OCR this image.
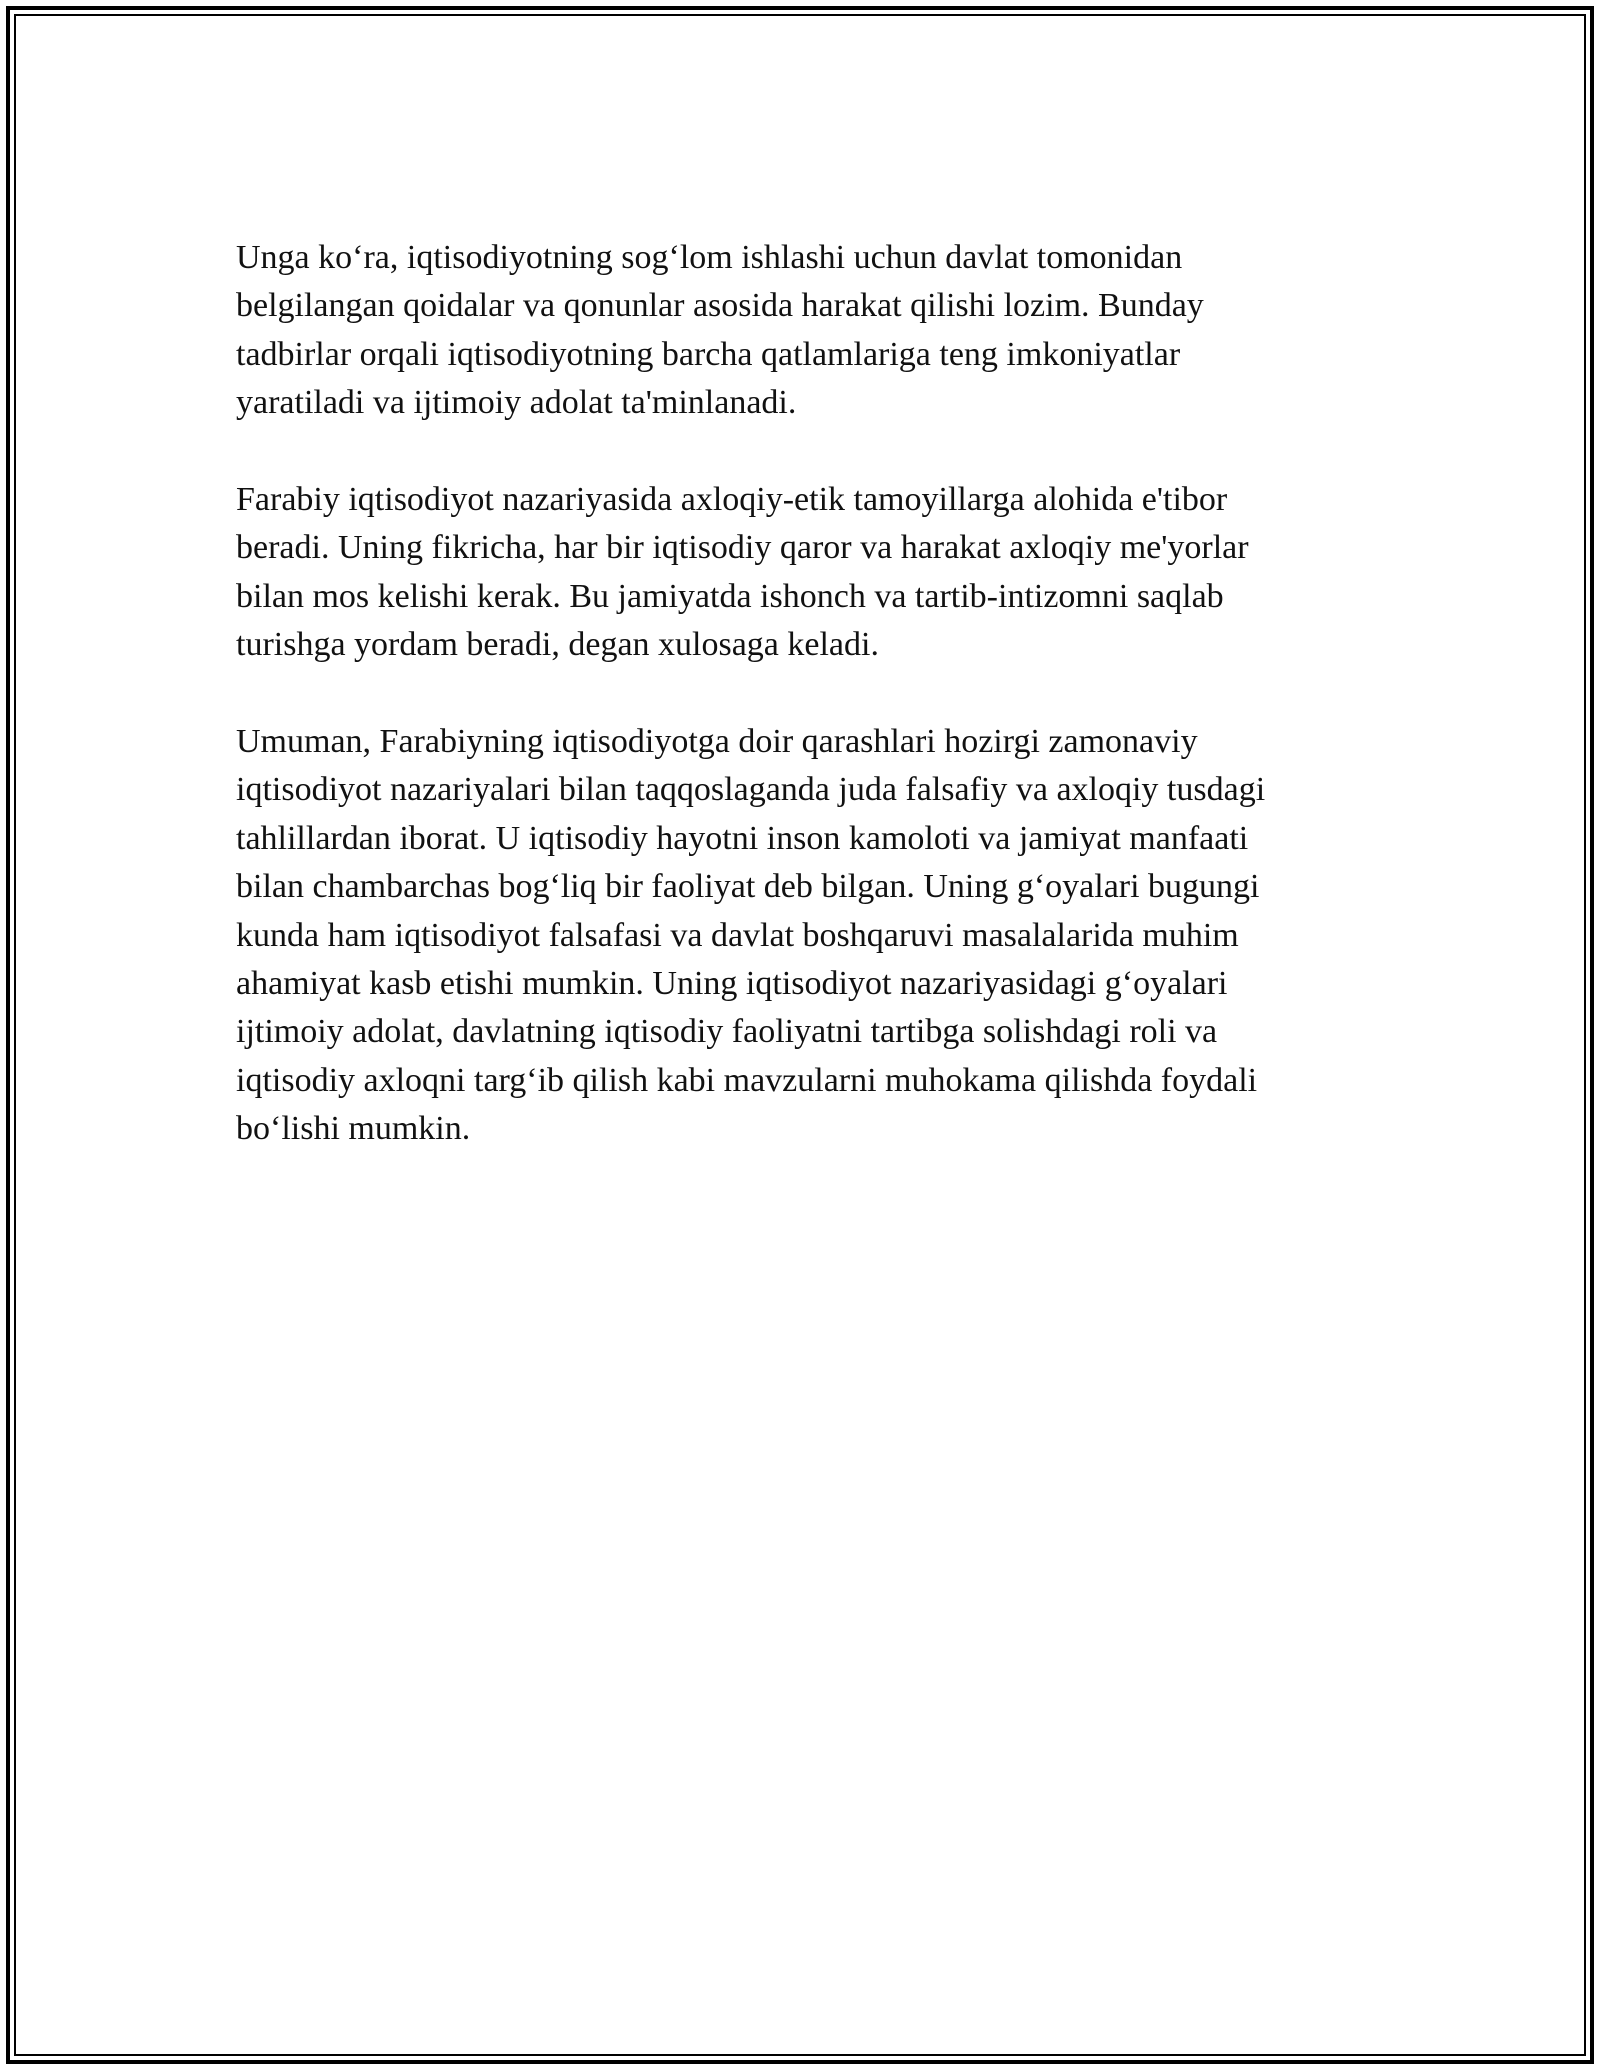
Unga ko‘ra, iqtisodiyotning sog‘lom ishlashi uchun davlat tomonidan
belgilangan qoidalar va qonunlar asosida harakat qilishi lozim. Bunday
tadbirlar orqali iqtisodiyotning barcha qatlamlariga teng imkoniyatlar
yaratiladi va ijtimoiy adolat ta'minlanadi.

Farabiy iqtisodiyot nazariyasida axloqiy-etik tamoyillarga alohida e'tibor
beradi. Uning fikricha, har bir iqtisodiy qaror va harakat axloqiy me'yorlar
bilan mos kelishi kerak. Bu jamiyatda ishonch va tartib-intizomni saqlab
turishga yordam beradi, degan xulosaga keladi.

Umuman, Farabiyning iqtisodiyotga doir qarashlari hozirgi zamonaviy
iqtisodiyot nazariyalari bilan taqqoslaganda juda falsafiy va axloqiy tusdagi
tahlillardan iborat. U iqtisodiy hayotni inson kamoloti va jamiyat manfaati
bilan chambarchas bog‘liq bir faoliyat deb bilgan. Uning g‘oyalari bugungi
kunda ham iqtisodiyot falsafasi va davlat boshqaruvi masalalarida muhim
ahamiyat kasb etishi mumkin. Uning iqtisodiyot nazariyasidagi g‘oyalari
ijtimoiy adolat, davlatning iqtisodiy faoliyatni tartibga solishdagi roli va
iqtisodiy axloqni targ‘ib qilish kabi mavzularni muhokama qilishda foydali
bo‘lishi mumkin.
